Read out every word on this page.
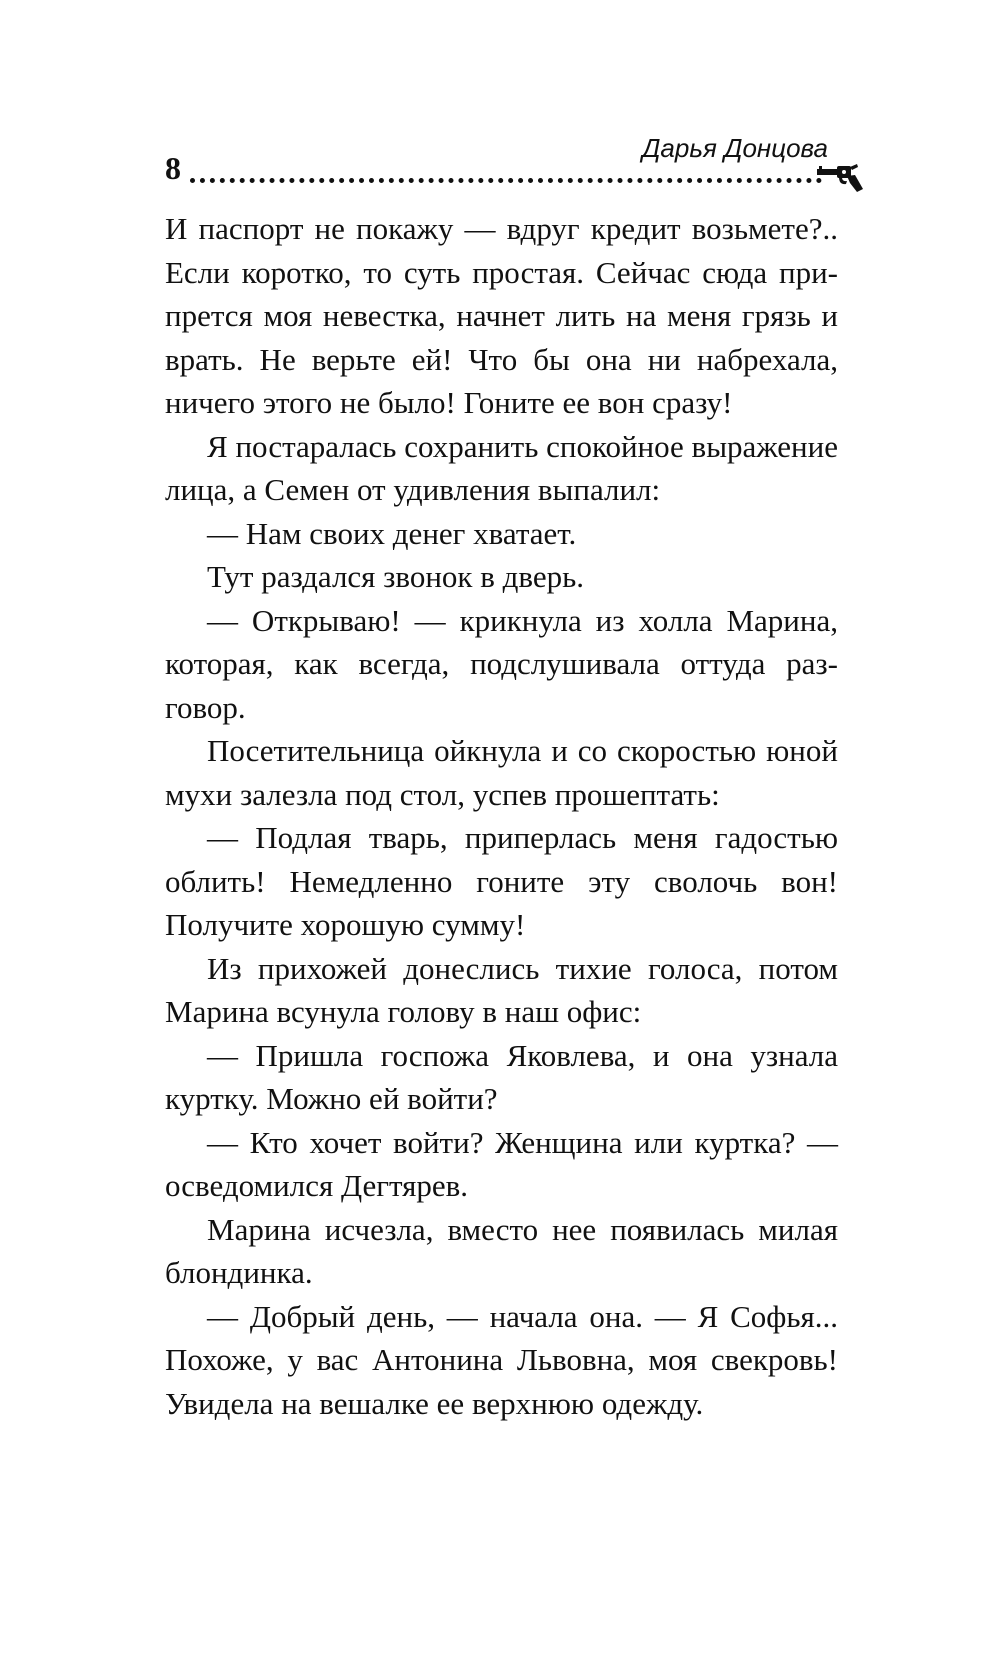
8
Дарья Донцова

И паспорт не покажу — вдруг кредит возьмете?.. Если коротко, то суть простая. Сейчас сюда припрется моя невестка, начнет лить на меня грязь и врать. Не верьте ей! Что бы она ни набрехала, ничего этого не было! Гоните ее вон сразу!

Я постаралась сохранить спокойное выражение лица, а Семен от удивления выпалил:

— Нам своих денег хватает.

Тут раздался звонок в дверь.

— Открываю! — крикнула из холла Марина, которая, как всегда, подслушивала оттуда разговор.

Посетительница ойкнула и со скоростью юной мухи залезла под стол, успев прошептать:

— Подлая тварь, приперлась меня гадостью облить! Немедленно гоните эту сволочь вон! Получите хорошую сумму!

Из прихожей донеслись тихие голоса, потом Марина всунула голову в наш офис:

— Пришла госпожа Яковлева, и она узнала куртку. Можно ей войти?

— Кто хочет войти? Женщина или куртка? — осведомился Дегтярев.

Марина исчезла, вместо нее появилась милая блондинка.

— Добрый день, — начала она. — Я Софья... Похоже, у вас Антонина Львовна, моя свекровь! Увидела на вешалке ее верхнюю одежду.
